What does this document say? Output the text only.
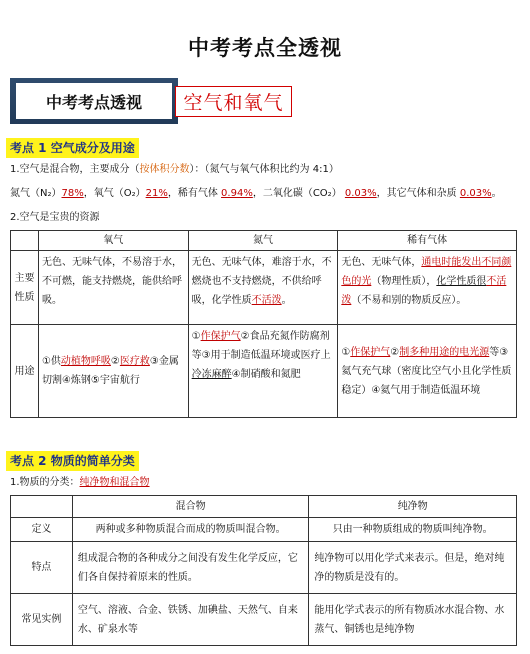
中考考点全透视
中考考点透视 空气和氧气
考点 1 空气成分及用途
1.空气是混合物，主要成分（按体积分数）：（氮气与氧气体积比约为 4:1）
氮气（N₂）78%，氧气（O₂）21%，稀有气体 0.94%，二氧化碳（CO₂） 0.03%，其它气体和杂质 0.03%。
2.空气是宝贵的资源
	氧气	氮气	稀有气体
主要性质	无色、无味气体，不易溶于水，不可燃，能支持燃烧，能供给呼吸。	无色、无味气体，难溶于水，不燃烧也不支持燃烧，不供给呼吸，化学性质不活泼。	无色、无味气体，通电时能发出不同颜色的光（物理性质），化学性质很不活泼（不易和别的物质反应）。
用途	①供动植物呼吸②医疗救③金属切割④炼钢⑤宇宙航行	①作保护气②食品充氮作防腐剂等③用于制造低温环境或医疗上冷冻麻醉④制硝酸和氮肥	①作保护气②制多种用途的电光源等③氦气充气球（密度比空气小且化学性质稳定）④氦气用于制造低温环境
考点 2 物质的简单分类
1.物质的分类：纯净物和混合物
	混合物	纯净物
定义	两种或多种物质混合而成的物质叫混合物。	只由一种物质组成的物质叫纯净物。
特点	组成混合物的各种成分之间没有发生化学反应，它们各自保持着原来的性质。	纯净物可以用化学式来表示。但是，绝对纯净的物质是没有的。
常见实例	空气、溶液、合金、铁锈、加碘盐、天然气、自来水、矿泉水等	能用化学式表示的所有物质冰水混合物、水蒸气、铜锈也是纯净物
